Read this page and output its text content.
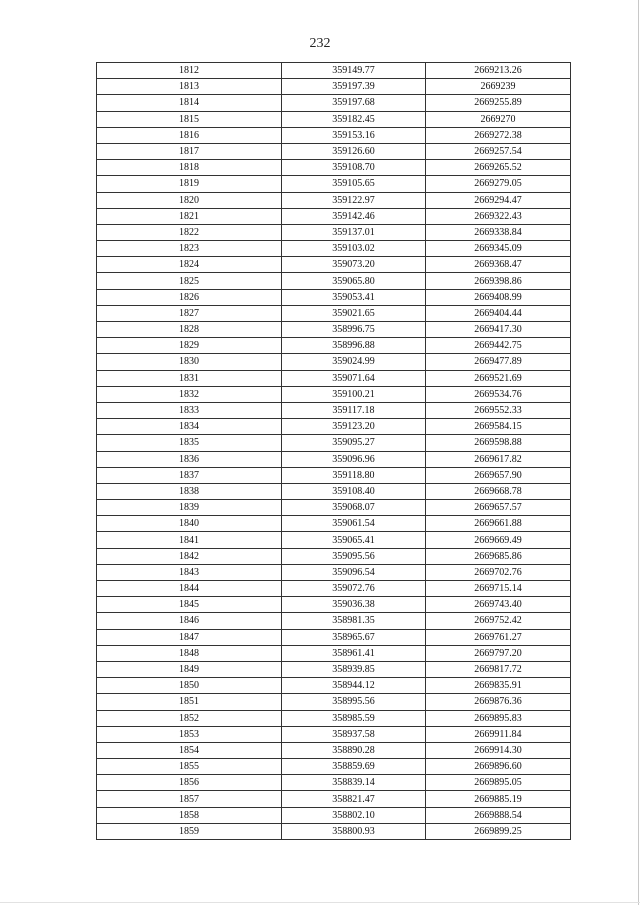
232
1812	359149.77	2669213.26
1813	359197.39	2669239
1814	359197.68	2669255.89
1815	359182.45	2669270
1816	359153.16	2669272.38
1817	359126.60	2669257.54
1818	359108.70	2669265.52
1819	359105.65	2669279.05
1820	359122.97	2669294.47
1821	359142.46	2669322.43
1822	359137.01	2669338.84
1823	359103.02	2669345.09
1824	359073.20	2669368.47
1825	359065.80	2669398.86
1826	359053.41	2669408.99
1827	359021.65	2669404.44
1828	358996.75	2669417.30
1829	358996.88	2669442.75
1830	359024.99	2669477.89
1831	359071.64	2669521.69
1832	359100.21	2669534.76
1833	359117.18	2669552.33
1834	359123.20	2669584.15
1835	359095.27	2669598.88
1836	359096.96	2669617.82
1837	359118.80	2669657.90
1838	359108.40	2669668.78
1839	359068.07	2669657.57
1840	359061.54	2669661.88
1841	359065.41	2669669.49
1842	359095.56	2669685.86
1843	359096.54	2669702.76
1844	359072.76	2669715.14
1845	359036.38	2669743.40
1846	358981.35	2669752.42
1847	358965.67	2669761.27
1848	358961.41	2669797.20
1849	358939.85	2669817.72
1850	358944.12	2669835.91
1851	358995.56	2669876.36
1852	358985.59	2669895.83
1853	358937.58	2669911.84
1854	358890.28	2669914.30
1855	358859.69	2669896.60
1856	358839.14	2669895.05
1857	358821.47	2669885.19
1858	358802.10	2669888.54
1859	358800.93	2669899.25
